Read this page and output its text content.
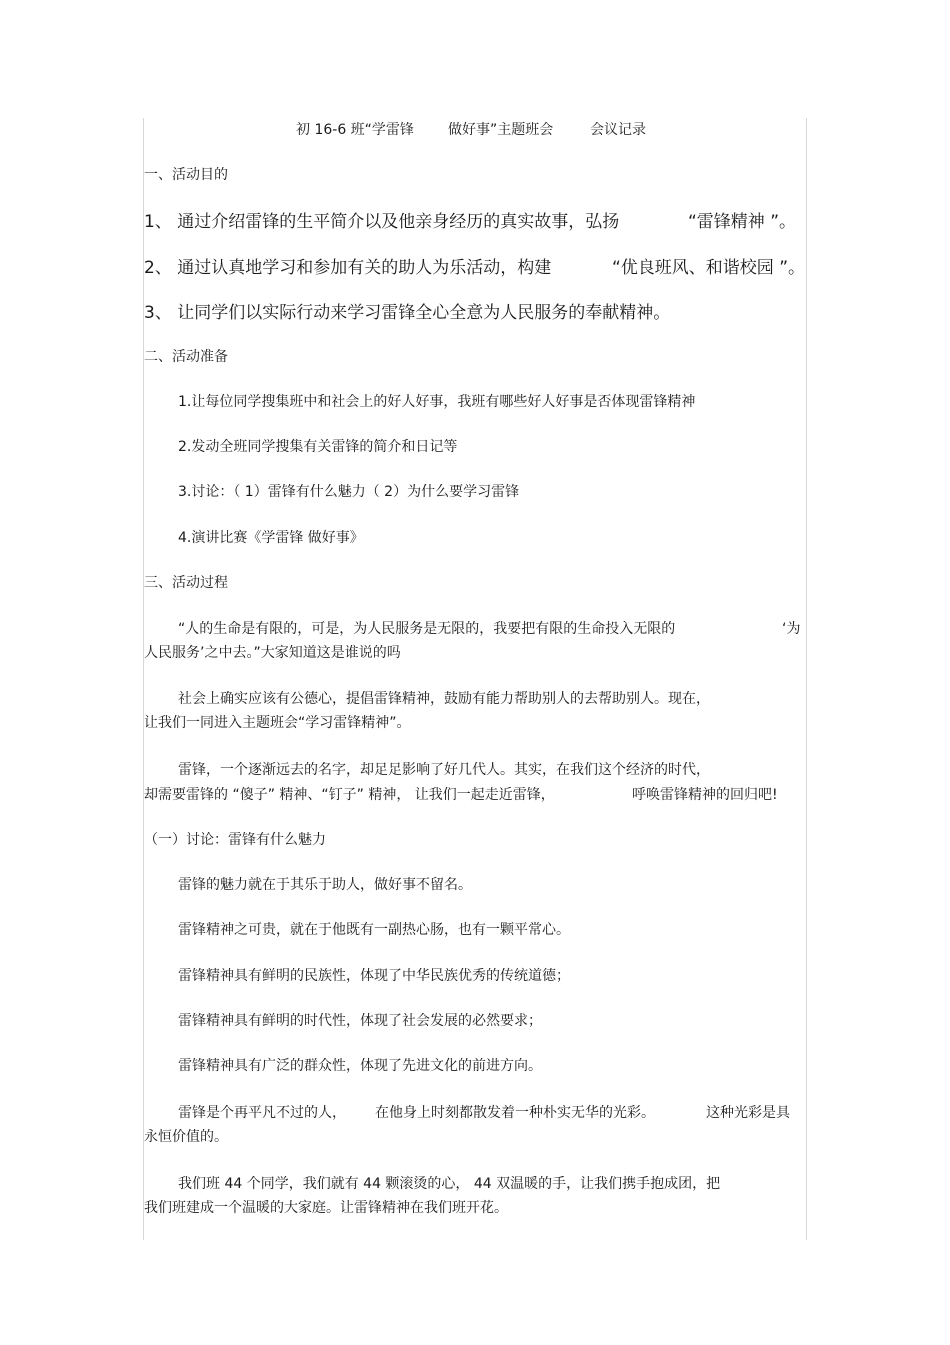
初 16-6 班“学雷锋 做好事”主题班会	会议记录
一、活动目的
1、 通过介绍雷锋的生平简介以及他亲身经历的真实故事，弘扬	“雷锋精神 ”。
2、 通过认真地学习和参加有关的助人为乐活动，构建	“优良班风、和谐校园 ”。
3、 让同学们以实际行动来学习雷锋全心全意为人民服务的奉献精神。
二、活动准备
1.让每位同学搜集班中和社会上的好人好事，我班有哪些好人好事是否体现雷锋精神
2.发动全班同学搜集有关雷锋的简介和日记等
3.讨论：（ 1）雷锋有什么魅力（ 2）为什么要学习雷锋
4.演讲比赛《学雷锋 做好事》
三、活动过程
“人的生命是有限的，可是，为人民服务是无限的，我要把有限的生命投入无限的	‘为
人民服务’之中去。”大家知道这是谁说的吗
社会上确实应该有公德心，提倡雷锋精神，鼓励有能力帮助别人的去帮助别人。现在，
让我们一同进入主题班会“学习雷锋精神”。
雷锋，一个逐渐远去的名字，却足足影响了好几代人。其实，在我们这个经济的时代，
却需要雷锋的 “傻子” 精神、“钉子” 精神， 让我们一起走近雷锋，	呼唤雷锋精神的回归吧!
（一）讨论：雷锋有什么魅力
雷锋的魅力就在于其乐于助人，做好事不留名。
雷锋精神之可贵，就在于他既有一副热心肠，也有一颗平常心。
雷锋精神具有鲜明的民族性，体现了中华民族优秀的传统道德；
雷锋精神具有鲜明的时代性，体现了社会发展的必然要求；
雷锋精神具有广泛的群众性，体现了先进文化的前进方向。
雷锋是个再平凡不过的人， 在他身上时刻都散发着一种朴实无华的光彩。	这种光彩是具
永恒价值的。
我们班 44 个同学，我们就有 44 颗滚烫的心， 44 双温暖的手，让我们携手抱成团，把
我们班建成一个温暖的大家庭。让雷锋精神在我们班开花。
